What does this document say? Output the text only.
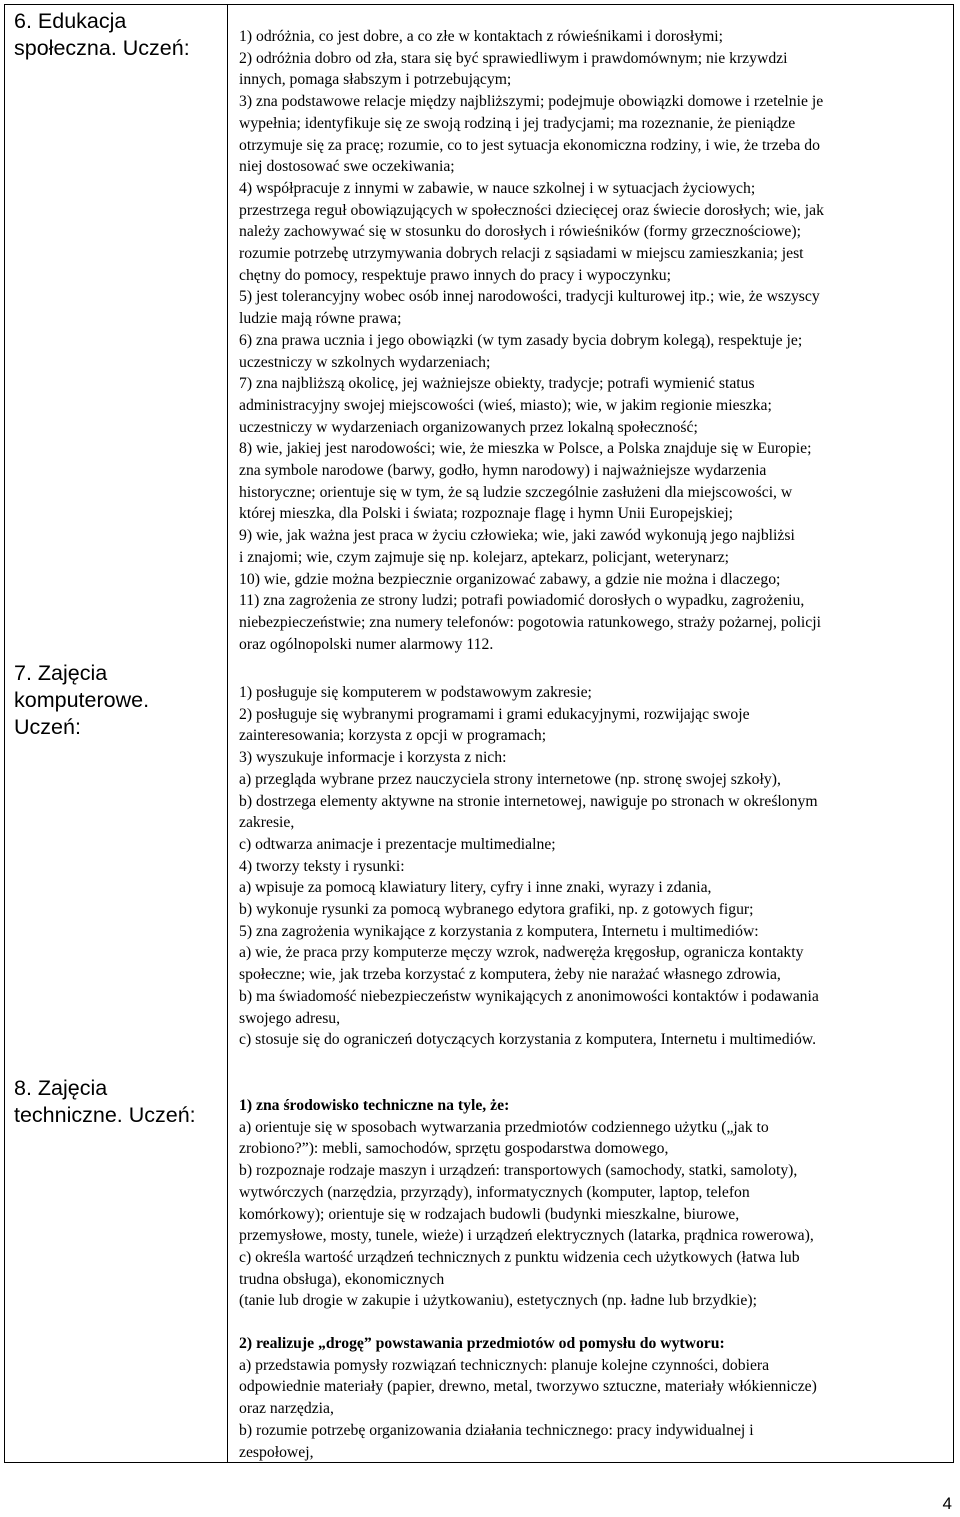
6. Edukacja
społeczna. Uczeń:	1) odróżnia, co jest dobre, a co złe w kontaktach z rówieśnikami i dorosłymi;
2) odróżnia dobro od zła, stara się być sprawiedliwym i prawdomównym; nie krzywdzi
innych, pomaga słabszym i potrzebującym;
3) zna podstawowe relacje między najbliższymi; podejmuje obowiązki domowe i rzetelnie je
wypełnia; identyfikuje się ze swoją rodziną i jej tradycjami; ma rozeznanie, że pieniądze
otrzymuje się za pracę; rozumie, co to jest sytuacja ekonomiczna rodziny, i wie, że trzeba do
niej dostosować swe oczekiwania;
4) współpracuje z innymi w zabawie, w nauce szkolnej i w sytuacjach życiowych;
przestrzega reguł obowiązujących w społeczności dziecięcej oraz świecie dorosłych; wie, jak
należy zachowywać się w stosunku do dorosłych i rówieśników (formy grzecznościowe);
rozumie potrzebę utrzymywania dobrych relacji z sąsiadami w miejscu zamieszkania; jest
chętny do pomocy, respektuje prawo innych do pracy i wypoczynku;
5) jest tolerancyjny wobec osób innej narodowości, tradycji kulturowej itp.; wie, że wszyscy
ludzie mają równe prawa;
6) zna prawa ucznia i jego obowiązki (w tym zasady bycia dobrym kolegą), respektuje je;
uczestniczy w szkolnych wydarzeniach;
7) zna najbliższą okolicę, jej ważniejsze obiekty, tradycje; potrafi wymienić status
administracyjny swojej miejscowości (wieś, miasto); wie, w jakim regionie mieszka;
uczestniczy w wydarzeniach organizowanych przez lokalną społeczność;
8) wie, jakiej jest narodowości; wie, że mieszka w Polsce, a Polska znajduje się w Europie;
zna symbole narodowe (barwy, godło, hymn narodowy) i najważniejsze wydarzenia
historyczne; orientuje się w tym, że są ludzie szczególnie zasłużeni dla miejscowości, w
której mieszka, dla Polski i świata; rozpoznaje flagę i hymn Unii Europejskiej;
9) wie, jak ważna jest praca w życiu człowieka; wie, jaki zawód wykonują jego najbliżsi
i znajomi; wie, czym zajmuje się np. kolejarz, aptekarz, policjant, weterynarz;
10) wie, gdzie można bezpiecznie organizować zabawy, a gdzie nie można i dlaczego;
11) zna zagrożenia ze strony ludzi; potrafi powiadomić dorosłych o wypadku, zagrożeniu,
niebezpieczeństwie; zna numery telefonów: pogotowia ratunkowego, straży pożarnej, policji
oraz ogólnopolski numer alarmowy 112.
7. Zajęcia
komputerowe.
Uczeń:
1) posługuje się komputerem w podstawowym zakresie;
2) posługuje się wybranymi programami i grami edukacyjnymi, rozwijając swoje
zainteresowania; korzysta z opcji w programach;
3) wyszukuje informacje i korzysta z nich:
a) przegląda wybrane przez nauczyciela strony internetowe (np. stronę swojej szkoły),
b) dostrzega elementy aktywne na stronie internetowej, nawiguje po stronach w określonym
zakresie,
c) odtwarza animacje i prezentacje multimedialne;
4) tworzy teksty i rysunki:
a) wpisuje za pomocą klawiatury litery, cyfry i inne znaki, wyrazy i zdania,
b) wykonuje rysunki za pomocą wybranego edytora grafiki, np. z gotowych figur;
5) zna zagrożenia wynikające z korzystania z komputera, Internetu i multimediów:
a) wie, że praca przy komputerze męczy wzrok, nadweręża kręgosłup, ogranicza kontakty
społeczne; wie, jak trzeba korzystać z komputera, żeby nie narażać własnego zdrowia,
b) ma świadomość niebezpieczeństw wynikających z anonimowości kontaktów i podawania
swojego adresu,
c) stosuje się do ograniczeń dotyczących korzystania z komputera, Internetu i multimediów.
8. Zajęcia
techniczne. Uczeń:	1) zna środowisko techniczne na tyle, że:
a) orientuje się w sposobach wytwarzania przedmiotów codziennego użytku („jak to
zrobiono?”): mebli, samochodów, sprzętu gospodarstwa domowego,
b) rozpoznaje rodzaje maszyn i urządzeń: transportowych (samochody, statki, samoloty),
wytwórczych (narzędzia, przyrządy), informatycznych (komputer, laptop, telefon
komórkowy); orientuje się w rodzajach budowli (budynki mieszkalne, biurowe,
przemysłowe, mosty, tunele, wieże) i urządzeń elektrycznych (latarka, prądnica rowerowa),
c) określa wartość urządzeń technicznych z punktu widzenia cech użytkowych (łatwa lub
trudna obsługa), ekonomicznych
(tanie lub drogie w zakupie i użytkowaniu), estetycznych (np. ładne lub brzydkie);
2) realizuje „drogę” powstawania przedmiotów od pomysłu do wytworu:
a) przedstawia pomysły rozwiązań technicznych: planuje kolejne czynności, dobiera
odpowiednie materiały (papier, drewno, metal, tworzywo sztuczne, materiały włókiennicze)
oraz narzędzia,
b) rozumie potrzebę organizowania działania technicznego: pracy indywidualnej i
zespołowej,
4
